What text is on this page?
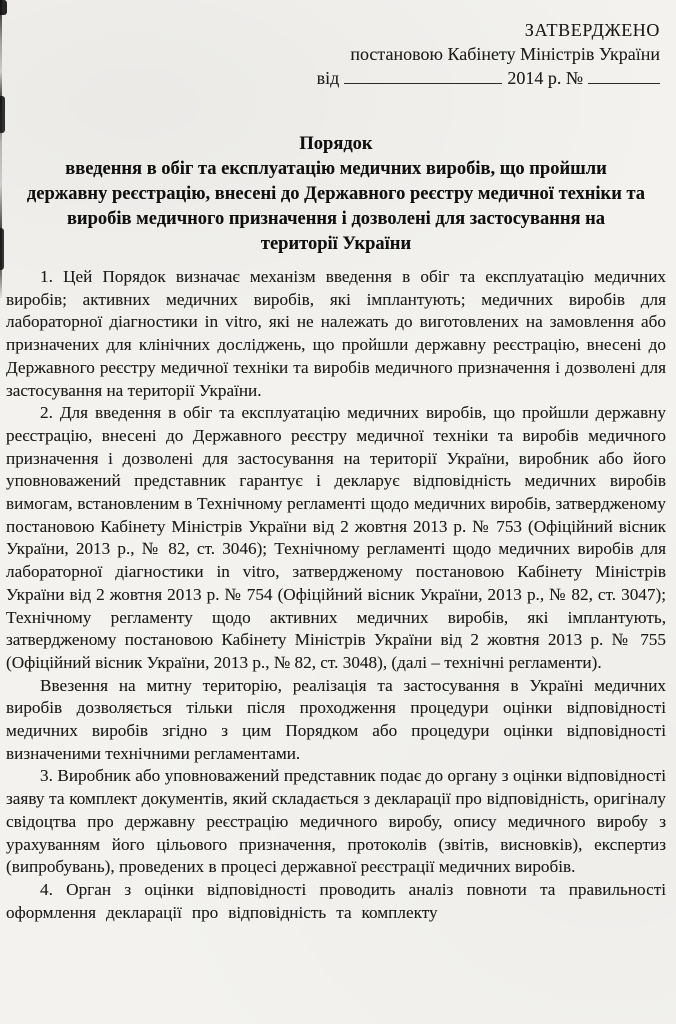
ЗАТВЕРДЖЕНО
постановою Кабінету Міністрів України
від	2014 р. №
Порядок
введення в обіг та експлуатацію медичних виробів, що пройшли
державну реєстрацію, внесені до Державного реєстру медичної техніки та
виробів медичного призначення і дозволені для застосування на
території України

1. Цей Порядок визначає механізм введення в обіг та експлуатацію медичних виробів; активних медичних виробів, які імплантують; медичних виробів для лабораторної діагностики in vitro, які не належать до виготовлених на замовлення або призначених для клінічних досліджень, що пройшли державну реєстрацію, внесені до Державного реєстру медичної техніки та виробів медичного призначення і дозволені для застосування на території України.

2. Для введення в обіг та експлуатацію медичних виробів, що пройшли державну реєстрацію, внесені до Державного реєстру медичної техніки та виробів медичного призначення і дозволені для застосування на території України, виробник або його уповноважений представник гарантує і декларує відповідність медичних виробів вимогам, встановленим в Технічному регламенті щодо медичних виробів, затвердженому постановою Кабінету Міністрів України від 2 жовтня 2013 р. № 753 (Офіційний вісник України, 2013 р., № 82, ст. 3046); Технічному регламенті щодо медичних виробів для лабораторної діагностики in vitro, затвердженому постановою Кабінету Міністрів України від 2 жовтня 2013 р. № 754 (Офіційний вісник України, 2013 р., № 82, ст. 3047); Технічному регламенту щодо активних медичних виробів, які імплантують, затвердженому постановою Кабінету Міністрів України від 2 жовтня 2013 р. № 755 (Офіційний вісник України, 2013 р., № 82, ст. 3048), (далі – технічні регламенти).

Ввезення на митну територію, реалізація та застосування в Україні медичних виробів дозволяється тільки після проходження процедури оцінки відповідності медичних виробів згідно з цим Порядком або процедури оцінки відповідності визначеними технічними регламентами.

3. Виробник або уповноважений представник подає до органу з оцінки відповідності заяву та комплект документів, який складається з декларації про відповідність, оригіналу свідоцтва про державну реєстрацію медичного виробу, опису медичного виробу з урахуванням його цільового призначення, протоколів (звітів, висновків), експертиз (випробувань), проведених в процесі державної реєстрації медичних виробів.

4. Орган з оцінки відповідності проводить аналіз повноти та правильності оформлення декларації про відповідність та комплекту
